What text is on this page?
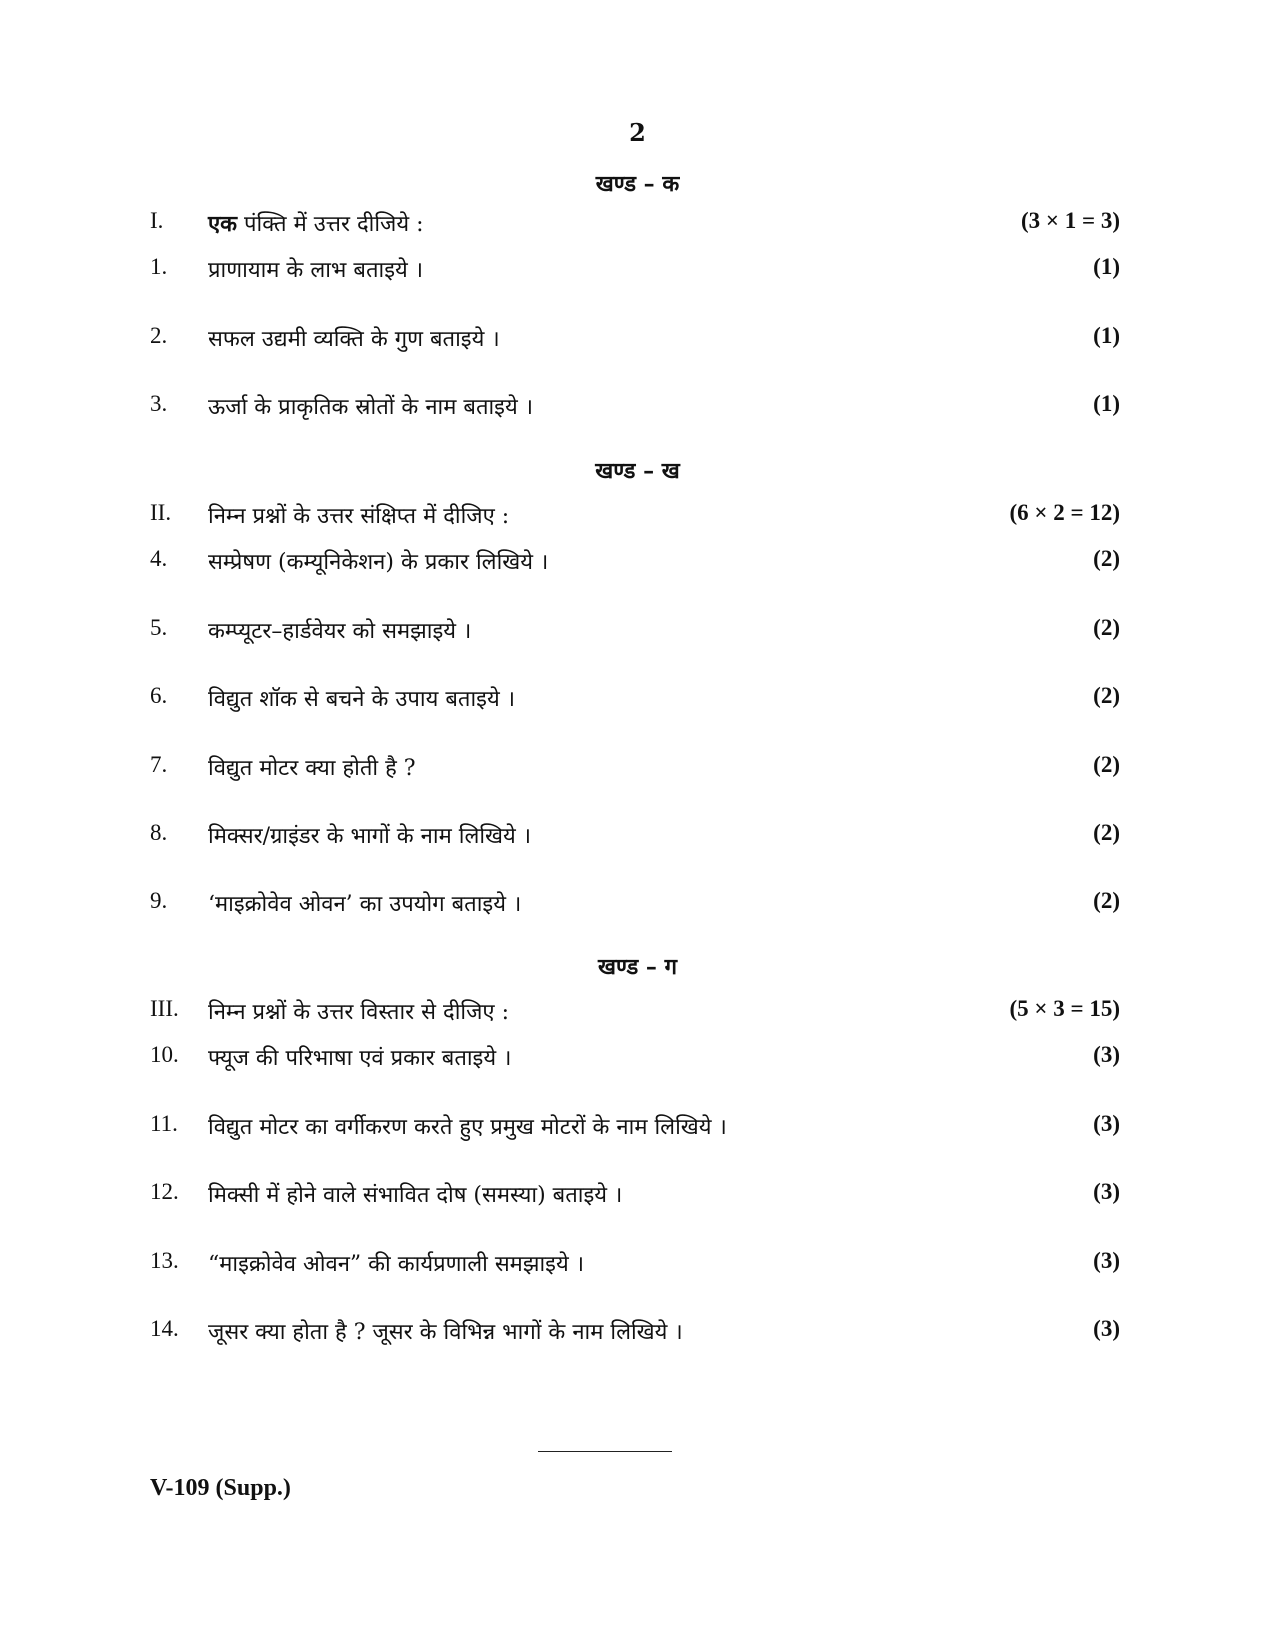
2
खण्ड – क
I. एक पंक्ति में उत्तर दीजिये :	(3 × 1 = 3)
1. प्राणायाम के लाभ बताइये ।	(1)
2. सफल उद्यमी व्यक्ति के गुण बताइये ।	(1)
3. ऊर्जा के प्राकृतिक स्रोतों के नाम बताइये ।	(1)
खण्ड – ख
II. निम्न प्रश्नों के उत्तर संक्षिप्त में दीजिए :	(6 × 2 = 12)
4. सम्प्रेषण (कम्यूनिकेशन) के प्रकार लिखिये ।	(2)
5. कम्प्यूटर–हार्डवेयर को समझाइये ।	(2)
6. विद्युत शॉक से बचने के उपाय बताइये ।	(2)
7. विद्युत मोटर क्या होती है ?	(2)
8. मिक्सर/ग्राइंडर के भागों के नाम लिखिये ।	(2)
9. ‘माइक्रोवेव ओवन’ का उपयोग बताइये ।	(2)
खण्ड – ग
III. निम्न प्रश्नों के उत्तर विस्तार से दीजिए :	(5 × 3 = 15)
10. फ्यूज की परिभाषा एवं प्रकार बताइये ।	(3)
11. विद्युत मोटर का वर्गीकरण करते हुए प्रमुख मोटरों के नाम लिखिये ।	(3)
12. मिक्सी में होने वाले संभावित दोष (समस्या) बताइये ।	(3)
13. “माइक्रोवेव ओवन” की कार्यप्रणाली समझाइये ।	(3)
14. जूसर क्या होता है ? जूसर के विभिन्न भागों के नाम लिखिये ।	(3)
V-109 (Supp.)
